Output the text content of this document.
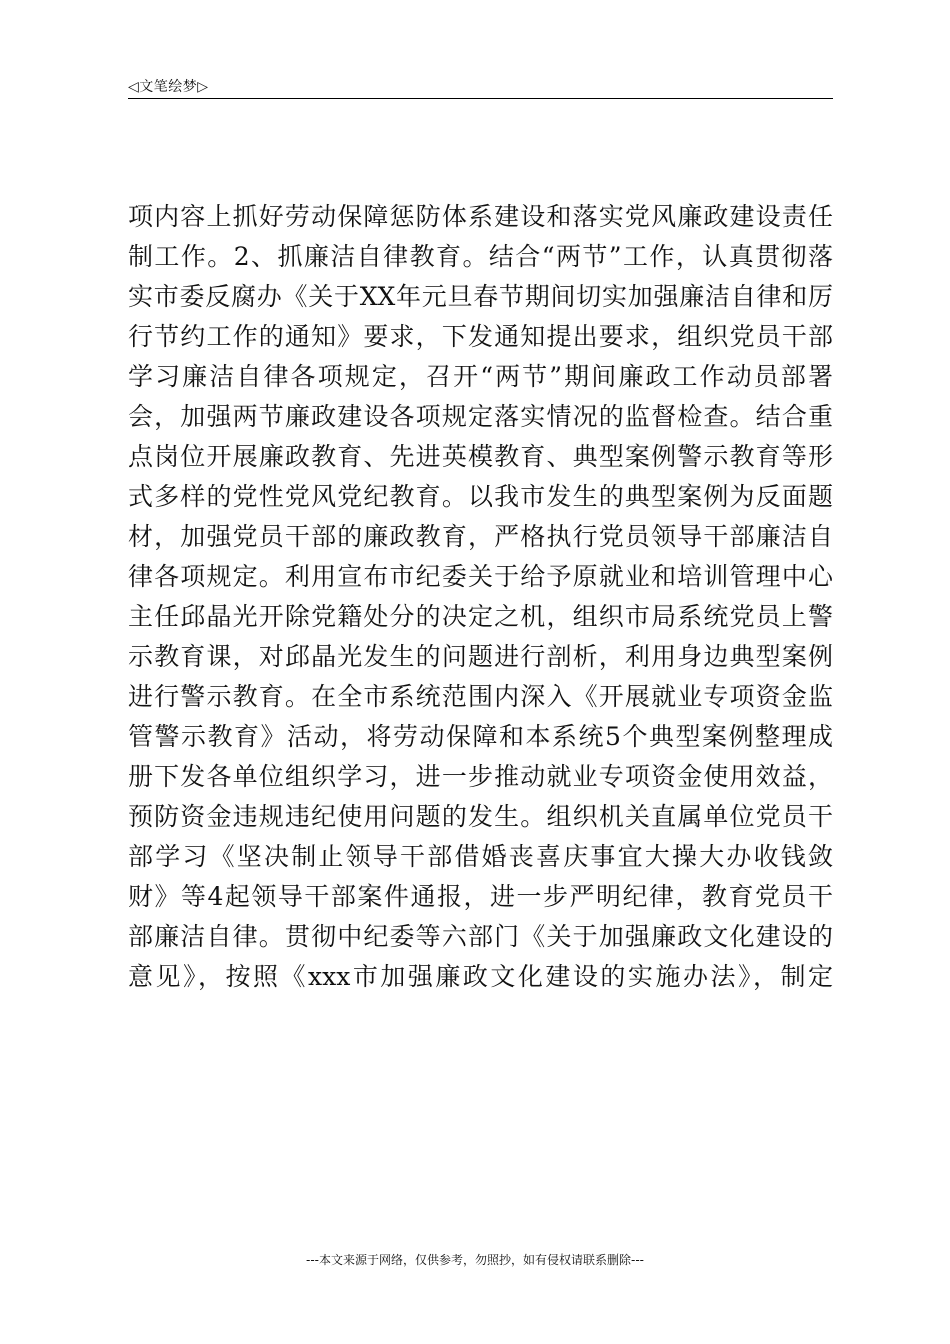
◁文笔绘梦▷
项内容上抓好劳动保障惩防体系建设和落实党风廉政建设责任
制工作。2、抓廉洁自律教育。结合“两节”工作，认真贯彻落
实市委反腐办《关于XX年元旦春节期间切实加强廉洁自律和厉
行节约工作的通知》要求，下发通知提出要求，组织党员干部
学习廉洁自律各项规定，召开“两节”期间廉政工作动员部署
会，加强两节廉政建设各项规定落实情况的监督检查。结合重
点岗位开展廉政教育、先进英模教育、典型案例警示教育等形
式多样的党性党风党纪教育。以我市发生的典型案例为反面题
材，加强党员干部的廉政教育，严格执行党员领导干部廉洁自
律各项规定。利用宣布市纪委关于给予原就业和培训管理中心
主任邱晶光开除党籍处分的决定之机，组织市局系统党员上警
示教育课，对邱晶光发生的问题进行剖析，利用身边典型案例
进行警示教育。在全市系统范围内深入《开展就业专项资金监
管警示教育》活动，将劳动保障和本系统5个典型案例整理成
册下发各单位组织学习，进一步推动就业专项资金使用效益，
预防资金违规违纪使用问题的发生。组织机关直属单位党员干
部学习《坚决制止领导干部借婚丧喜庆事宜大操大办收钱敛
财》等4起领导干部案件通报，进一步严明纪律，教育党员干
部廉洁自律。贯彻中纪委等六部门《关于加强廉政文化建设的
意见》，按照《xxx市加强廉政文化建设的实施办法》，制定
---本文来源于网络，仅供参考，勿照抄，如有侵权请联系删除---
